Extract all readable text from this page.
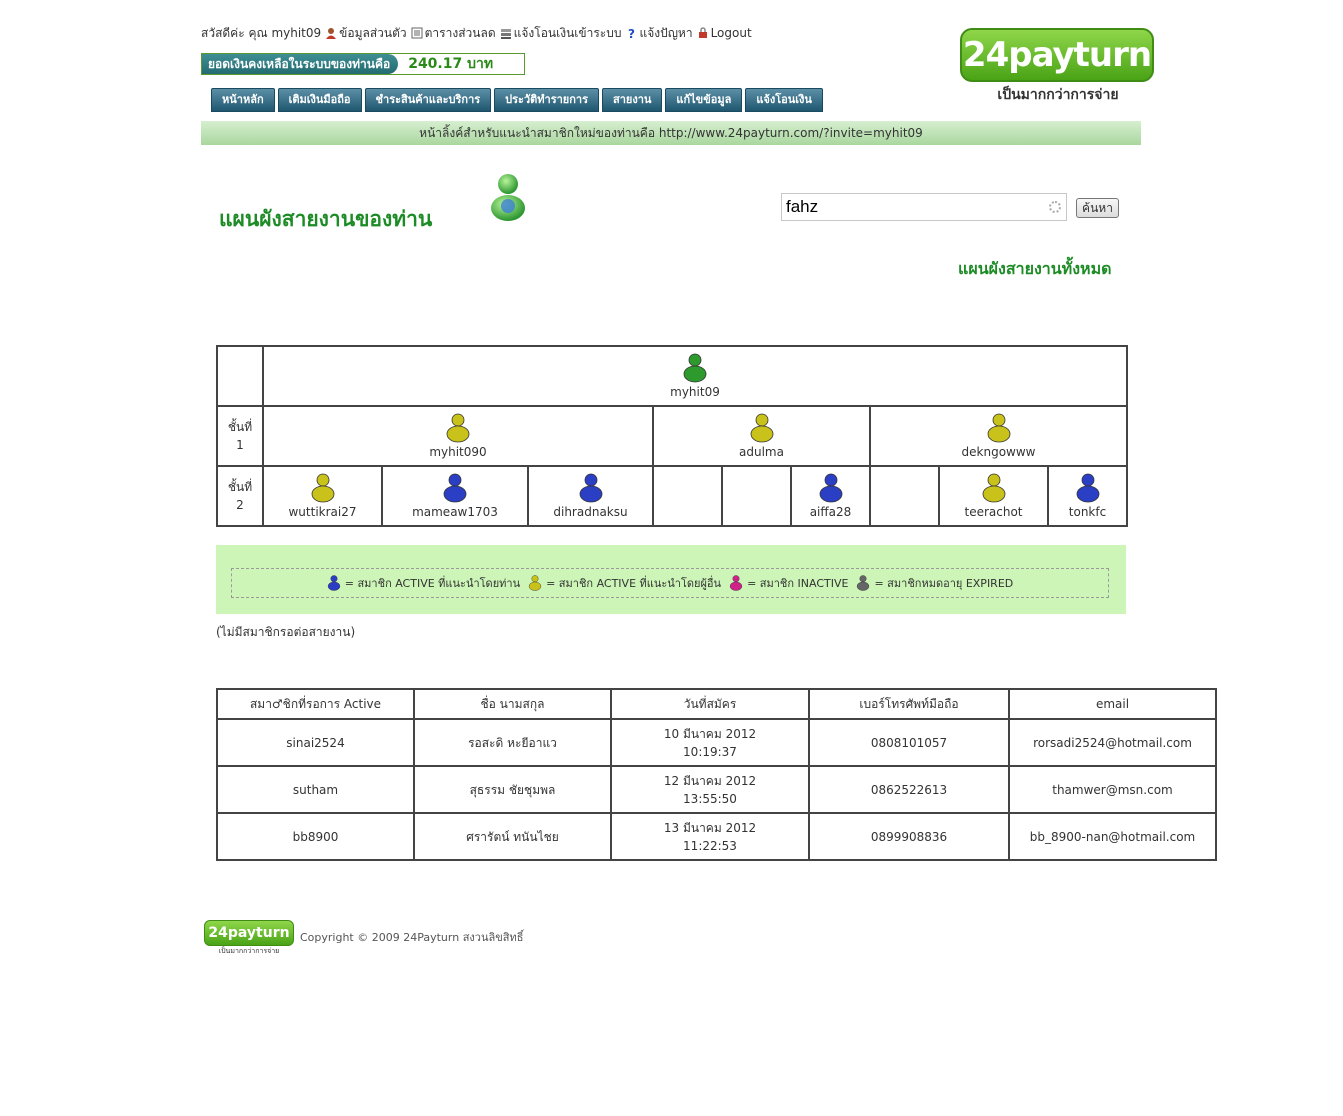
สวัสดีค่ะ คุณ myhit09 ข้อมูลส่วนตัว ตารางส่วนลด แจ้งโอนเงินเข้าระบบ ? แจ้งปัญหา Logout
ยอดเงินคงเหลือในระบบของท่านคือ	240.17 บาท	24payturn
เป็นมากกว่าการจ่าย
หน้าหลัก	เติมเงินมือถือ	ชำระสินค้าและบริการ	ประวัติทำรายการ	สายงาน	แก้ไขข้อมูล	แจ้งโอนเงิน
หน้าลิ้งค์สำหรับแนะนำสมาชิกใหม่ของท่านคือ http://www.24payturn.com/?invite=myhit09
แผนผังสายงานของท่าน
fahz	ค้นหา
แผนผังสายงานทั้งหมด

	myhit09								

ชั้นที่
1	myhit090			adulma			dekngowww		

ชั้นที่
2	wuttikrai27	mameaw1703	dihradnaksu			aiffa28		teerachot	tonkfc
= สมาชิก ACTIVE ที่แนะนำโดยท่าน = สมาชิก ACTIVE ที่แนะนำโดยผู้อื่น = สมาชิก INACTIVE = สมาชิกหมดอายุ EXPIRED
(ไม่มีสมาชิกรอต่อสายงาน)
สมา♂ชิกที่รอการ Active	ชื่อ นามสกุล	วันที่สมัคร	เบอร์โทรศัพท์มือถือ	email
sinai2524	รอสะดิ หะยีอาแว	10 มีนาคม 2012
10:19:37	0808101057	rorsadi2524@hotmail.com
sutham	สุธรรม ชัยชุมพล	12 มีนาคม 2012
13:55:50	0862522613	thamwer@msn.com
bb8900	ศรารัตน์ ทนันไชย	13 มีนาคม 2012
11:22:53	0899908836	bb_8900-nan@hotmail.com
24payturn
เป็นมากกว่าการจ่าย
Copyright © 2009 24Payturn สงวนลิขสิทธิ์
